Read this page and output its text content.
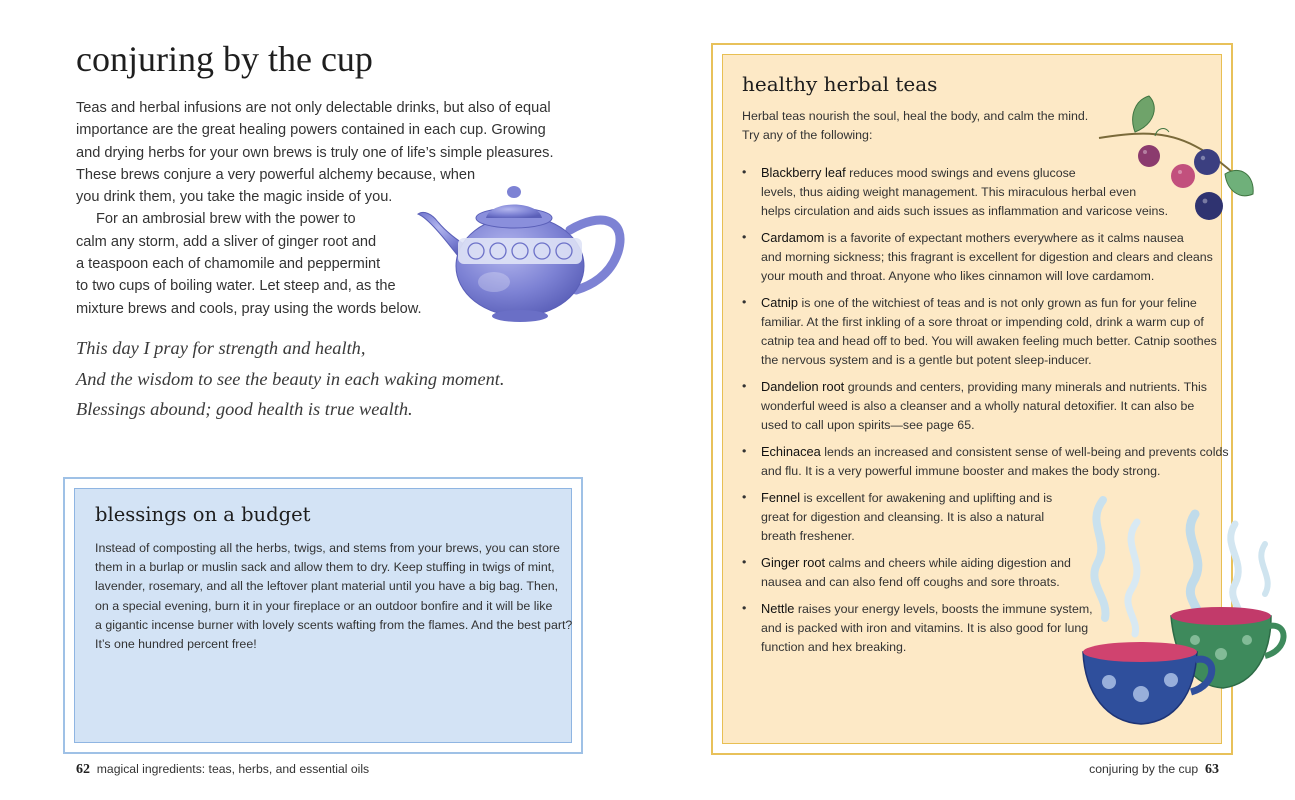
conjuring by the cup

Teas and herbal infusions are not only delectable drinks, but also of equal
importance are the great healing powers contained in each cup. Growing
and drying herbs for your own brews is truly one of life’s simple pleasures.
These brews conjure a very powerful alchemy because, when
you drink them, you take the magic inside of you.

For an ambrosial brew with the power to
calm any storm, add a sliver of ginger root and
a teaspoon each of chamomile and peppermint
to two cups of boiling water. Let steep and, as the
mixture brews and cools, pray using the words below.

This day I pray for strength and health,
And the wisdom to see the beauty in each waking moment.
Blessings abound; good health is true wealth.
blessings on a budget
Instead of composting all the herbs, twigs, and stems from your brews, you can store
them in a burlap or muslin sack and allow them to dry. Keep stuffing in twigs of mint,
lavender, rosemary, and all the leftover plant material until you have a big bag. Then,
on a special evening, burn it in your fireplace or an outdoor bonfire and it will be like
a gigantic incense burner with lovely scents wafting from the flames. And the best part?
It’s one hundred percent free!
62 magical ingredients: teas, herbs, and essential oils
healthy herbal teas
Herbal teas nourish the soul, heal the body, and calm the mind.
Try any of the following:
• Blackberry leaf reduces mood swings and evens glucose
levels, thus aiding weight management. This miraculous herbal even
helps circulation and aids such issues as inflammation and varicose veins.
• Cardamom is a favorite of expectant mothers everywhere as it calms nausea
and morning sickness; this fragrant is excellent for digestion and clears and cleans
your mouth and throat. Anyone who likes cinnamon will love cardamom.
• Catnip is one of the witchiest of teas and is not only grown as fun for your feline
familiar. At the first inkling of a sore throat or impending cold, drink a warm cup of
catnip tea and head off to bed. You will awaken feeling much better. Catnip soothes
the nervous system and is a gentle but potent sleep-inducer.
• Dandelion root grounds and centers, providing many minerals and nutrients. This
wonderful weed is also a cleanser and a wholly natural detoxifier. It can also be
used to call upon spirits—see page 65.
• Echinacea lends an increased and consistent sense of well-being and prevents colds
and flu. It is a very powerful immune booster and makes the body strong.
• Fennel is excellent for awakening and uplifting and is
great for digestion and cleansing. It is also a natural
breath freshener.
• Ginger root calms and cheers while aiding digestion and
nausea and can also fend off coughs and sore throats.
• Nettle raises your energy levels, boosts the immune system,
and is packed with iron and vitamins. It is also good for lung
function and hex breaking.
conjuring by the cup 63
